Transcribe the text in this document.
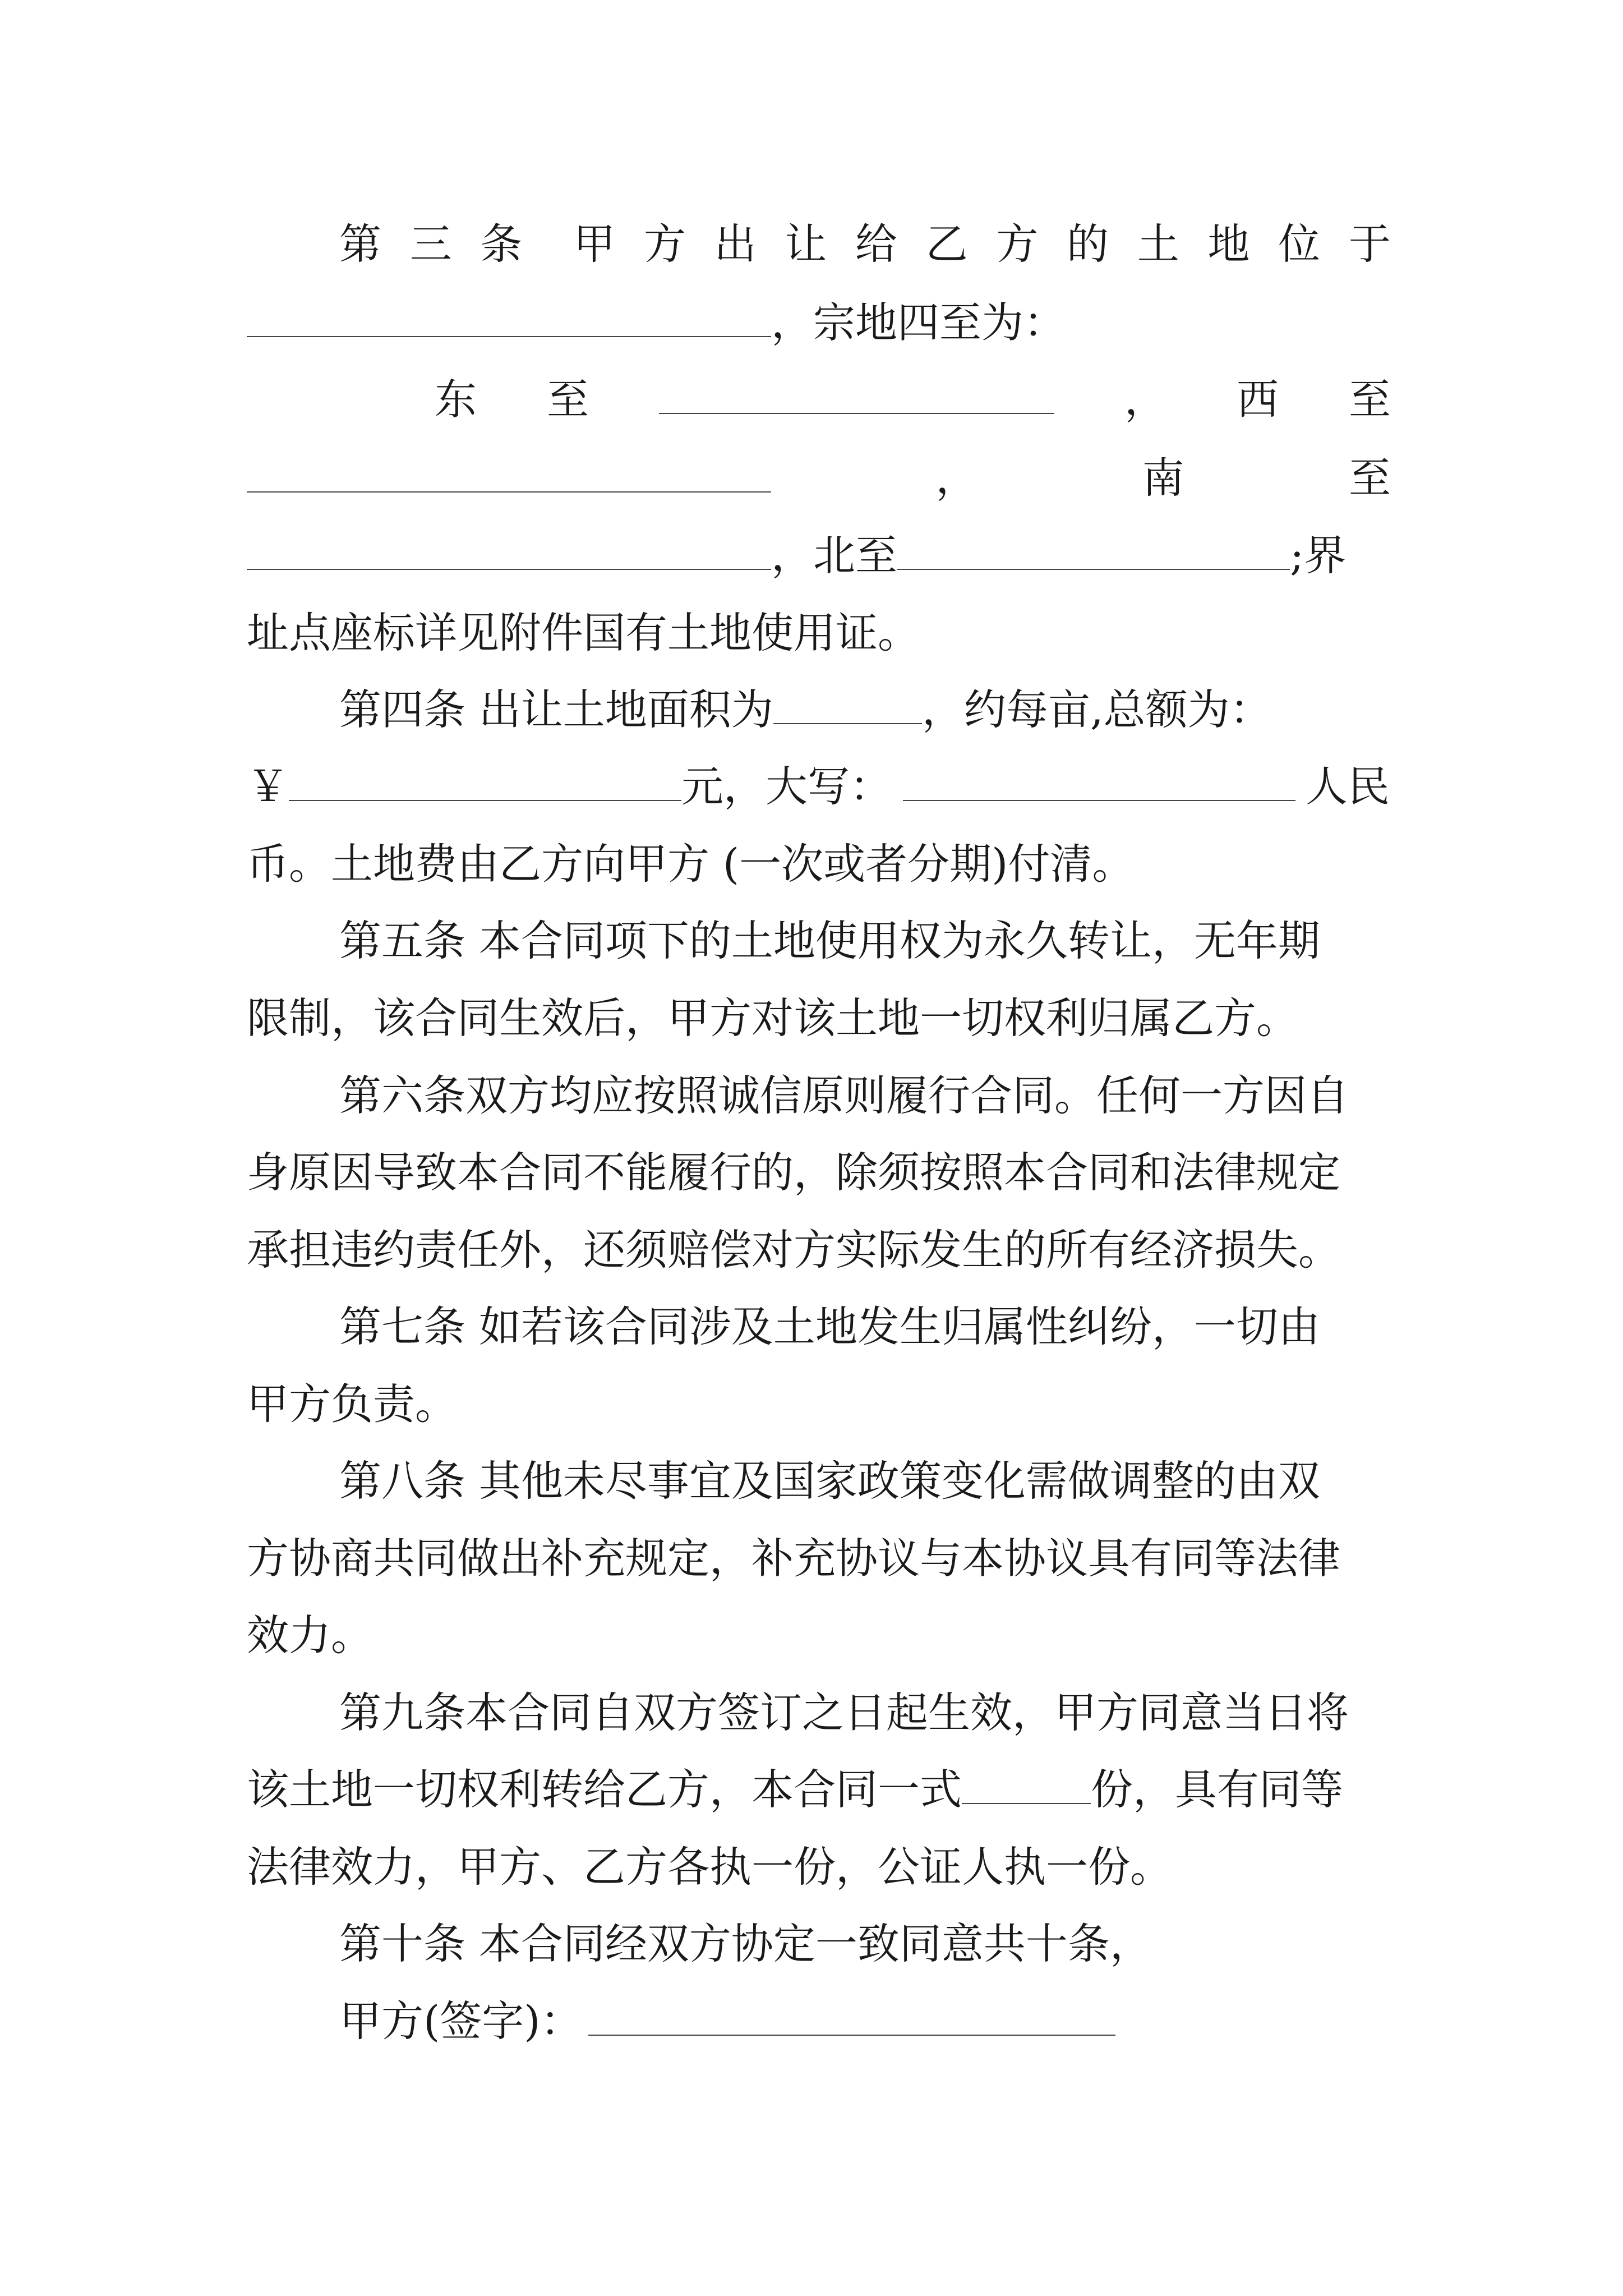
第 三 条 甲 方 出 让 给 乙 方 的 土 地 位 于
，宗地四至为：
东 至	， 西 至
，	南	至
，北至	;界
址点座标详见附件国有土地使用证。
第四条 出让土地面积为	，约每亩,总额为：
￥	元，大写：	人民
币。土地费由乙方向甲方 (一次或者分期)付清。
第五条 本合同项下的土地使用权为永久转让，无年期
限制，该合同生效后，甲方对该土地一切权利归属乙方。
第六条双方均应按照诚信原则履行合同。任何一方因自
身原因导致本合同不能履行的，除须按照本合同和法律规定
承担违约责任外，还须赔偿对方实际发生的所有经济损失。
第七条 如若该合同涉及土地发生归属性纠纷，一切由
甲方负责。
第八条 其他未尽事宜及国家政策变化需做调整的由双
方协商共同做出补充规定，补充协议与本协议具有同等法律
效力。
第九条本合同自双方签订之日起生效，甲方同意当日将
该土地一切权利转给乙方，本合同一式	份，具有同等
法律效力，甲方、乙方各执一份，公证人执一份。
第十条 本合同经双方协定一致同意共十条，
甲方(签字)：
